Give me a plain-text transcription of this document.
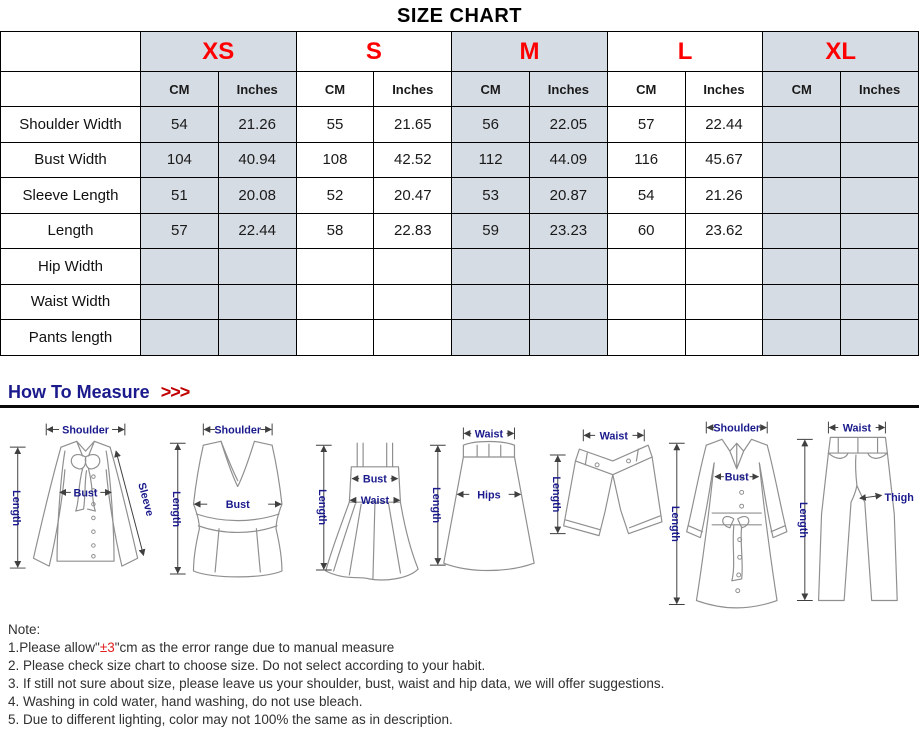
SIZE CHART
	XS		S		M		L		XL	
	CM	Inches	CM	Inches	CM	Inches	CM	Inches	CM	Inches
Shoulder Width	54	21.26	55	21.65	56	22.05	57	22.44		
Bust Width	104	40.94	108	42.52	112	44.09	116	45.67		
Sleeve Length	51	20.08	52	20.47	53	20.87	54	21.26		
Length	57	22.44	58	22.83	59	23.23	60	23.62		
Hip Width										
Waist Width										
Pants length										
How To Measure >>>
Shoulder
Bust	Sleeve
Length
Shoulder
Bust
Length
Bust
Waist
Length
Waist
Hips
Length
Waist
Length
Shoulder
Bust
Length
Waist
Thigh
Length
Note:
1.Please allow"±3"cm as the error range due to manual measure
2. Please check size chart to choose size. Do not select according to your habit.
3. If still not sure about size, please leave us your shoulder, bust, waist and hip data, we will offer suggestions.
4. Washing in cold water, hand washing, do not use bleach.
5. Due to different lighting, color may not 100% the same as in description.
